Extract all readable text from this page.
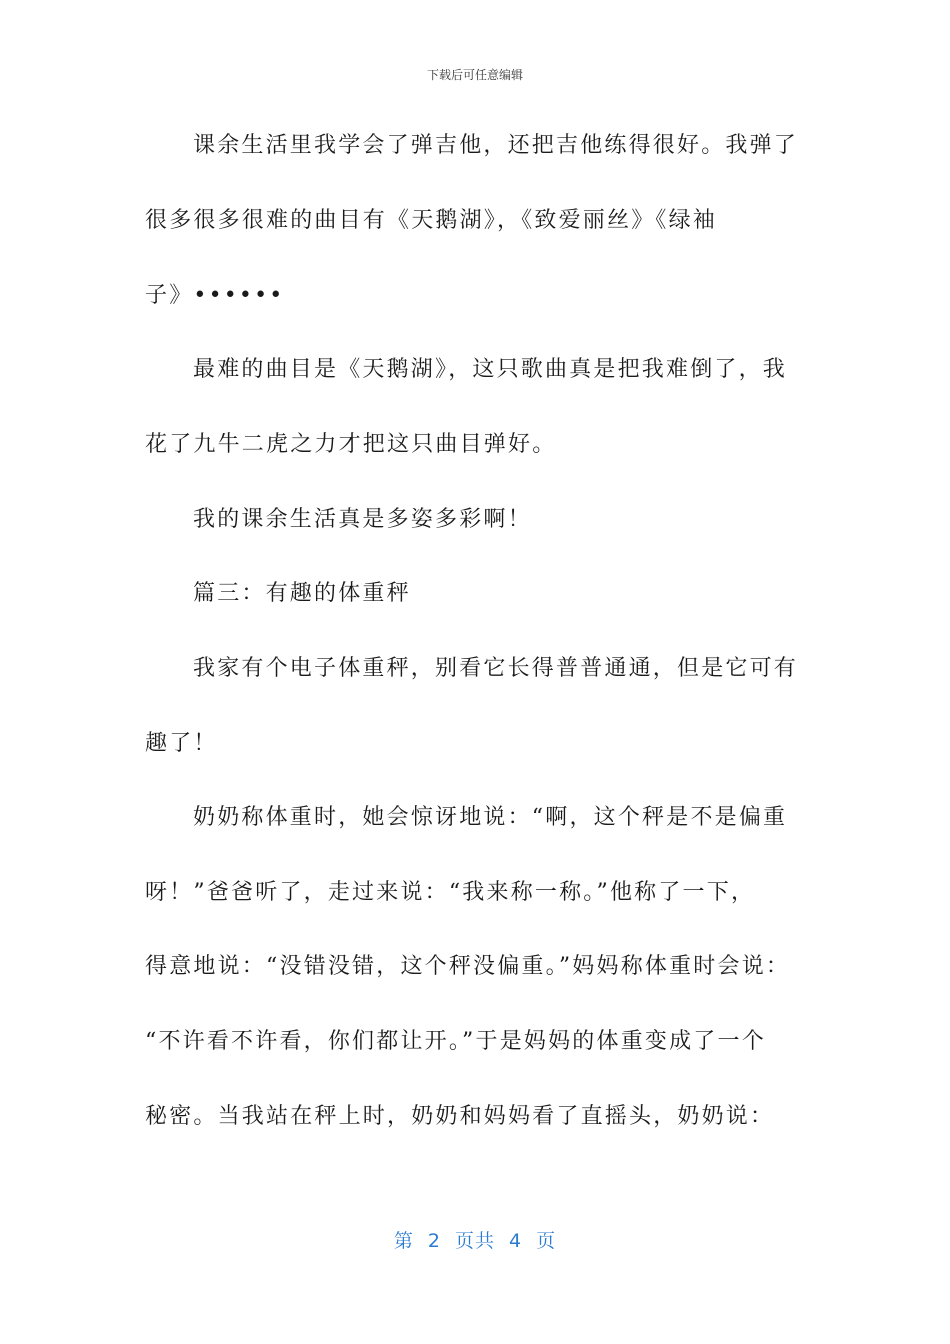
下载后可任意编辑
课余生活里我学会了弹吉他，还把吉他练得很好。我弹了
很多很多很难的曲目有《天鹅湖》，《致爱丽丝》《绿袖
子》••••••
最难的曲目是《天鹅湖》，这只歌曲真是把我难倒了，我
花了九牛二虎之力才把这只曲目弹好。
我的课余生活真是多姿多彩啊！
篇三：有趣的体重秤
我家有个电子体重秤，别看它长得普普通通，但是它可有
趣了！
奶奶称体重时，她会惊讶地说：“啊，这个秤是不是偏重
呀！”爸爸听了，走过来说：“我来称一称。”他称了一下，
得意地说：“没错没错，这个秤没偏重。”妈妈称体重时会说：
“不许看不许看，你们都让开。”于是妈妈的体重变成了一个
秘密。当我站在秤上时，奶奶和妈妈看了直摇头，奶奶说：
第 2 页共 4 页
